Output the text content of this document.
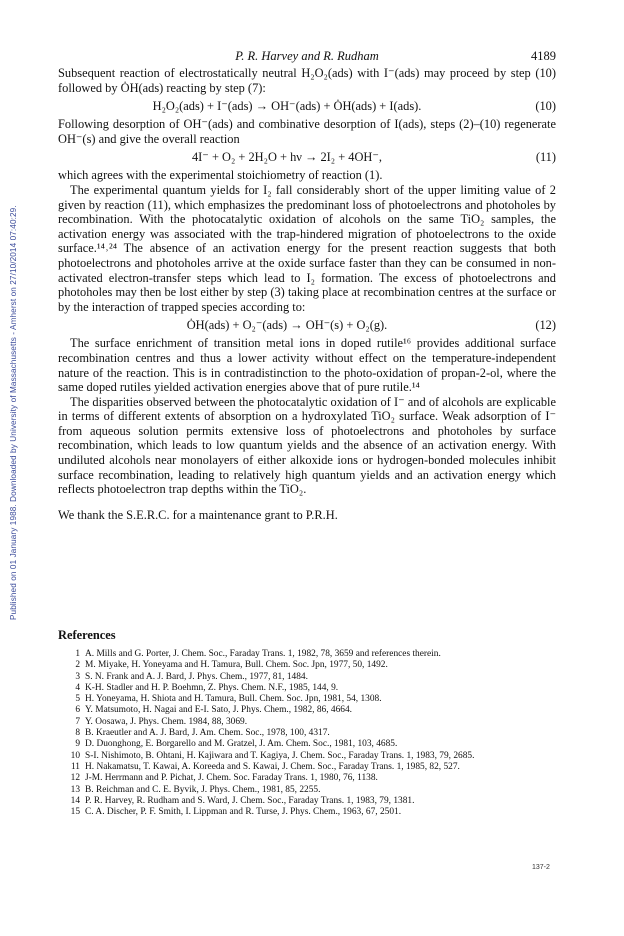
Published on 01 January 1988. Downloaded by University of Massachusetts - Amherst on 27/10/2014 07:40:29.
P. R. Harvey and R. Rudham	4189

Subsequent reaction of electrostatically neutral H₂O₂(ads) with I⁻(ads) may proceed by step (10) followed by ȮH(ads) reacting by step (7):

H₂O₂(ads) + I⁻(ads) → OH⁻(ads) + ȮH(ads) + I(ads).	(10)

Following desorption of OH⁻(ads) and combinative desorption of I(ads), steps (2)–(10) regenerate OH⁻(s) and give the overall reaction

4I⁻ + O₂ + 2H₂O + hν → 2I₂ + 4OH⁻,	(11)

which agrees with the experimental stoichiometry of reaction (1).

The experimental quantum yields for I₂ fall considerably short of the upper limiting value of 2 given by reaction (11), which emphasizes the predominant loss of photoelectrons and photoholes by recombination. With the photocatalytic oxidation of alcohols on the same TiO₂ samples, the activation energy was associated with the trap-hindered migration of photoelectrons to the oxide surface.¹⁴˒²⁴ The absence of an activation energy for the present reaction suggests that both photoelectrons and photoholes arrive at the oxide surface faster than they can be consumed in non-activated electron-transfer steps which lead to I₂ formation. The excess of photoelectrons and photoholes may then be lost either by step (3) taking place at recombination centres at the surface or by the interaction of trapped species according to:

ȮH(ads) + O₂⁻(ads) → OH⁻(s) + O₂(g).	(12)

The surface enrichment of transition metal ions in doped rutile¹⁶ provides additional surface recombination centres and thus a lower activity without effect on the temperature-independent nature of the reaction. This is in contradistinction to the photo-oxidation of propan-2-ol, where the same doped rutiles yielded activation energies above that of pure rutile.¹⁴

The disparities observed between the photocatalytic oxidation of I⁻ and of alcohols are explicable in terms of different extents of absorption on a hydroxylated TiO₂ surface. Weak adsorption of I⁻ from aqueous solution permits extensive loss of photoelectrons and photoholes by surface recombination, which leads to low quantum yields and the absence of an activation energy. With undiluted alcohols near monolayers of either alkoxide ions or hydrogen-bonded molecules inhibit surface recombination, leading to relatively high quantum yields and an activation energy which reflects photoelectron trap depths within the TiO₂.

We thank the S.E.R.C. for a maintenance grant to P.R.H.

References
1 A. Mills and G. Porter, J. Chem. Soc., Faraday Trans. 1, 1982, 78, 3659 and references therein.
2 M. Miyake, H. Yoneyama and H. Tamura, Bull. Chem. Soc. Jpn, 1977, 50, 1492.
3 S. N. Frank and A. J. Bard, J. Phys. Chem., 1977, 81, 1484.
4 K-H. Stadler and H. P. Boehmn, Z. Phys. Chem. N.F., 1985, 144, 9.
5 H. Yoneyama, H. Shiota and H. Tamura, Bull. Chem. Soc. Jpn, 1981, 54, 1308.
6 Y. Matsumoto, H. Nagai and E-I. Sato, J. Phys. Chem., 1982, 86, 4664.
7 Y. Oosawa, J. Phys. Chem. 1984, 88, 3069.
8 B. Kraeutler and A. J. Bard, J. Am. Chem. Soc., 1978, 100, 4317.
9 D. Duonghong, E. Borgarello and M. Gratzel, J. Am. Chem. Soc., 1981, 103, 4685.
10 S-I. Nishimoto, B. Ohtani, H. Kajiwara and T. Kagiya, J. Chem. Soc., Faraday Trans. 1, 1983, 79, 2685.
11 H. Nakamatsu, T. Kawai, A. Koreeda and S. Kawai, J. Chem. Soc., Faraday Trans. 1, 1985, 82, 527.
12 J-M. Herrmann and P. Pichat, J. Chem. Soc. Faraday Trans. 1, 1980, 76, 1138.
13 B. Reichman and C. E. Byvik, J. Phys. Chem., 1981, 85, 2255.
14 P. R. Harvey, R. Rudham and S. Ward, J. Chem. Soc., Faraday Trans. 1, 1983, 79, 1381.
15 C. A. Discher, P. F. Smith, I. Lippman and R. Turse, J. Phys. Chem., 1963, 67, 2501.
137-2
